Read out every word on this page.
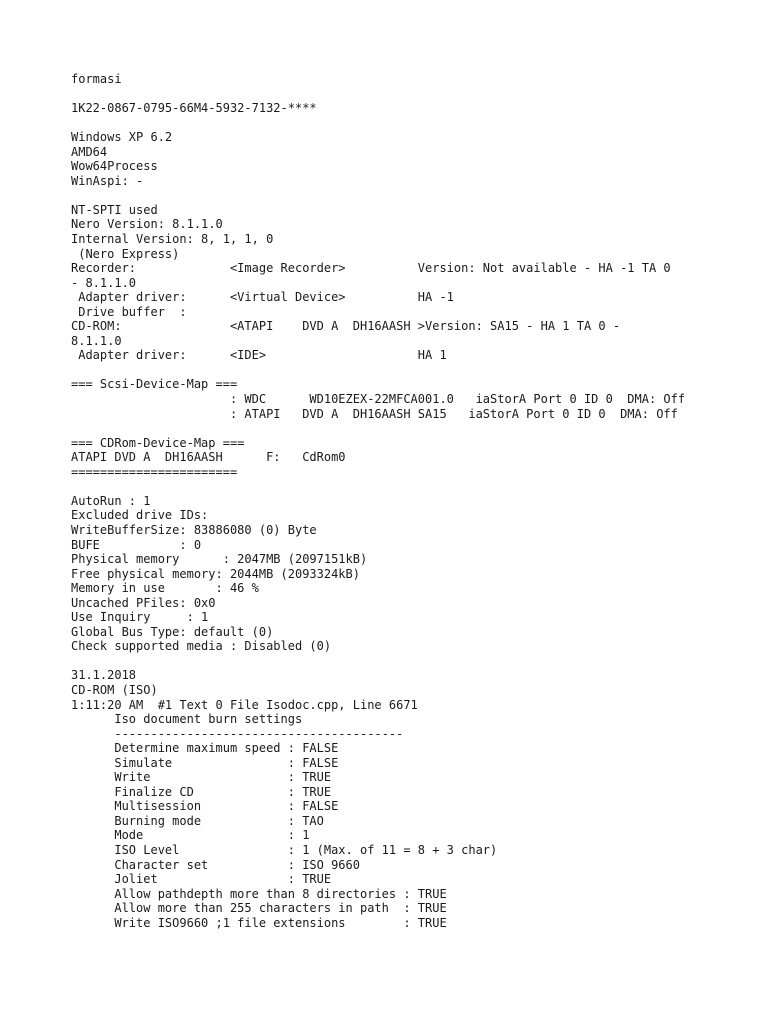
formasi

1K22-0867-0795-66M4-5932-7132-****

Windows XP 6.2
AMD64
Wow64Process
WinAspi: -

NT-SPTI used
Nero Version: 8.1.1.0
Internal Version: 8, 1, 1, 0
(Nero Express)
Recorder:             <Image Recorder>          Version: Not available - HA -1 TA 0
- 8.1.1.0
Adapter driver:      <Virtual Device>          HA -1
Drive buffer  :
CD-ROM:               <ATAPI    DVD A  DH16AASH >Version: SA15 - HA 1 TA 0 -
8.1.1.0
Adapter driver:      <IDE>                     HA 1

=== Scsi-Device-Map ===
: WDC      WD10EZEX-22MFCA001.0   iaStorA Port 0 ID 0  DMA: Off
: ATAPI   DVD A  DH16AASH SA15   iaStorA Port 0 ID 0  DMA: Off

=== CDRom-Device-Map ===
ATAPI DVD A  DH16AASH      F:   CdRom0
=======================

AutoRun : 1
Excluded drive IDs:
WriteBufferSize: 83886080 (0) Byte
BUFE           : 0
Physical memory      : 2047MB (2097151kB)
Free physical memory: 2044MB (2093324kB)
Memory in use       : 46 %
Uncached PFiles: 0x0
Use Inquiry     : 1
Global Bus Type: default (0)
Check supported media : Disabled (0)

31.1.2018
CD-ROM (ISO)
1:11:20 AM  #1 Text 0 File Isodoc.cpp, Line 6671
Iso document burn settings
----------------------------------------
Determine maximum speed : FALSE
Simulate                : FALSE
Write                   : TRUE
Finalize CD             : TRUE
Multisession            : FALSE
Burning mode            : TAO
Mode                    : 1
ISO Level               : 1 (Max. of 11 = 8 + 3 char)
Character set           : ISO 9660
Joliet                  : TRUE
Allow pathdepth more than 8 directories : TRUE
Allow more than 255 characters in path  : TRUE
Write ISO9660 ;1 file extensions        : TRUE
